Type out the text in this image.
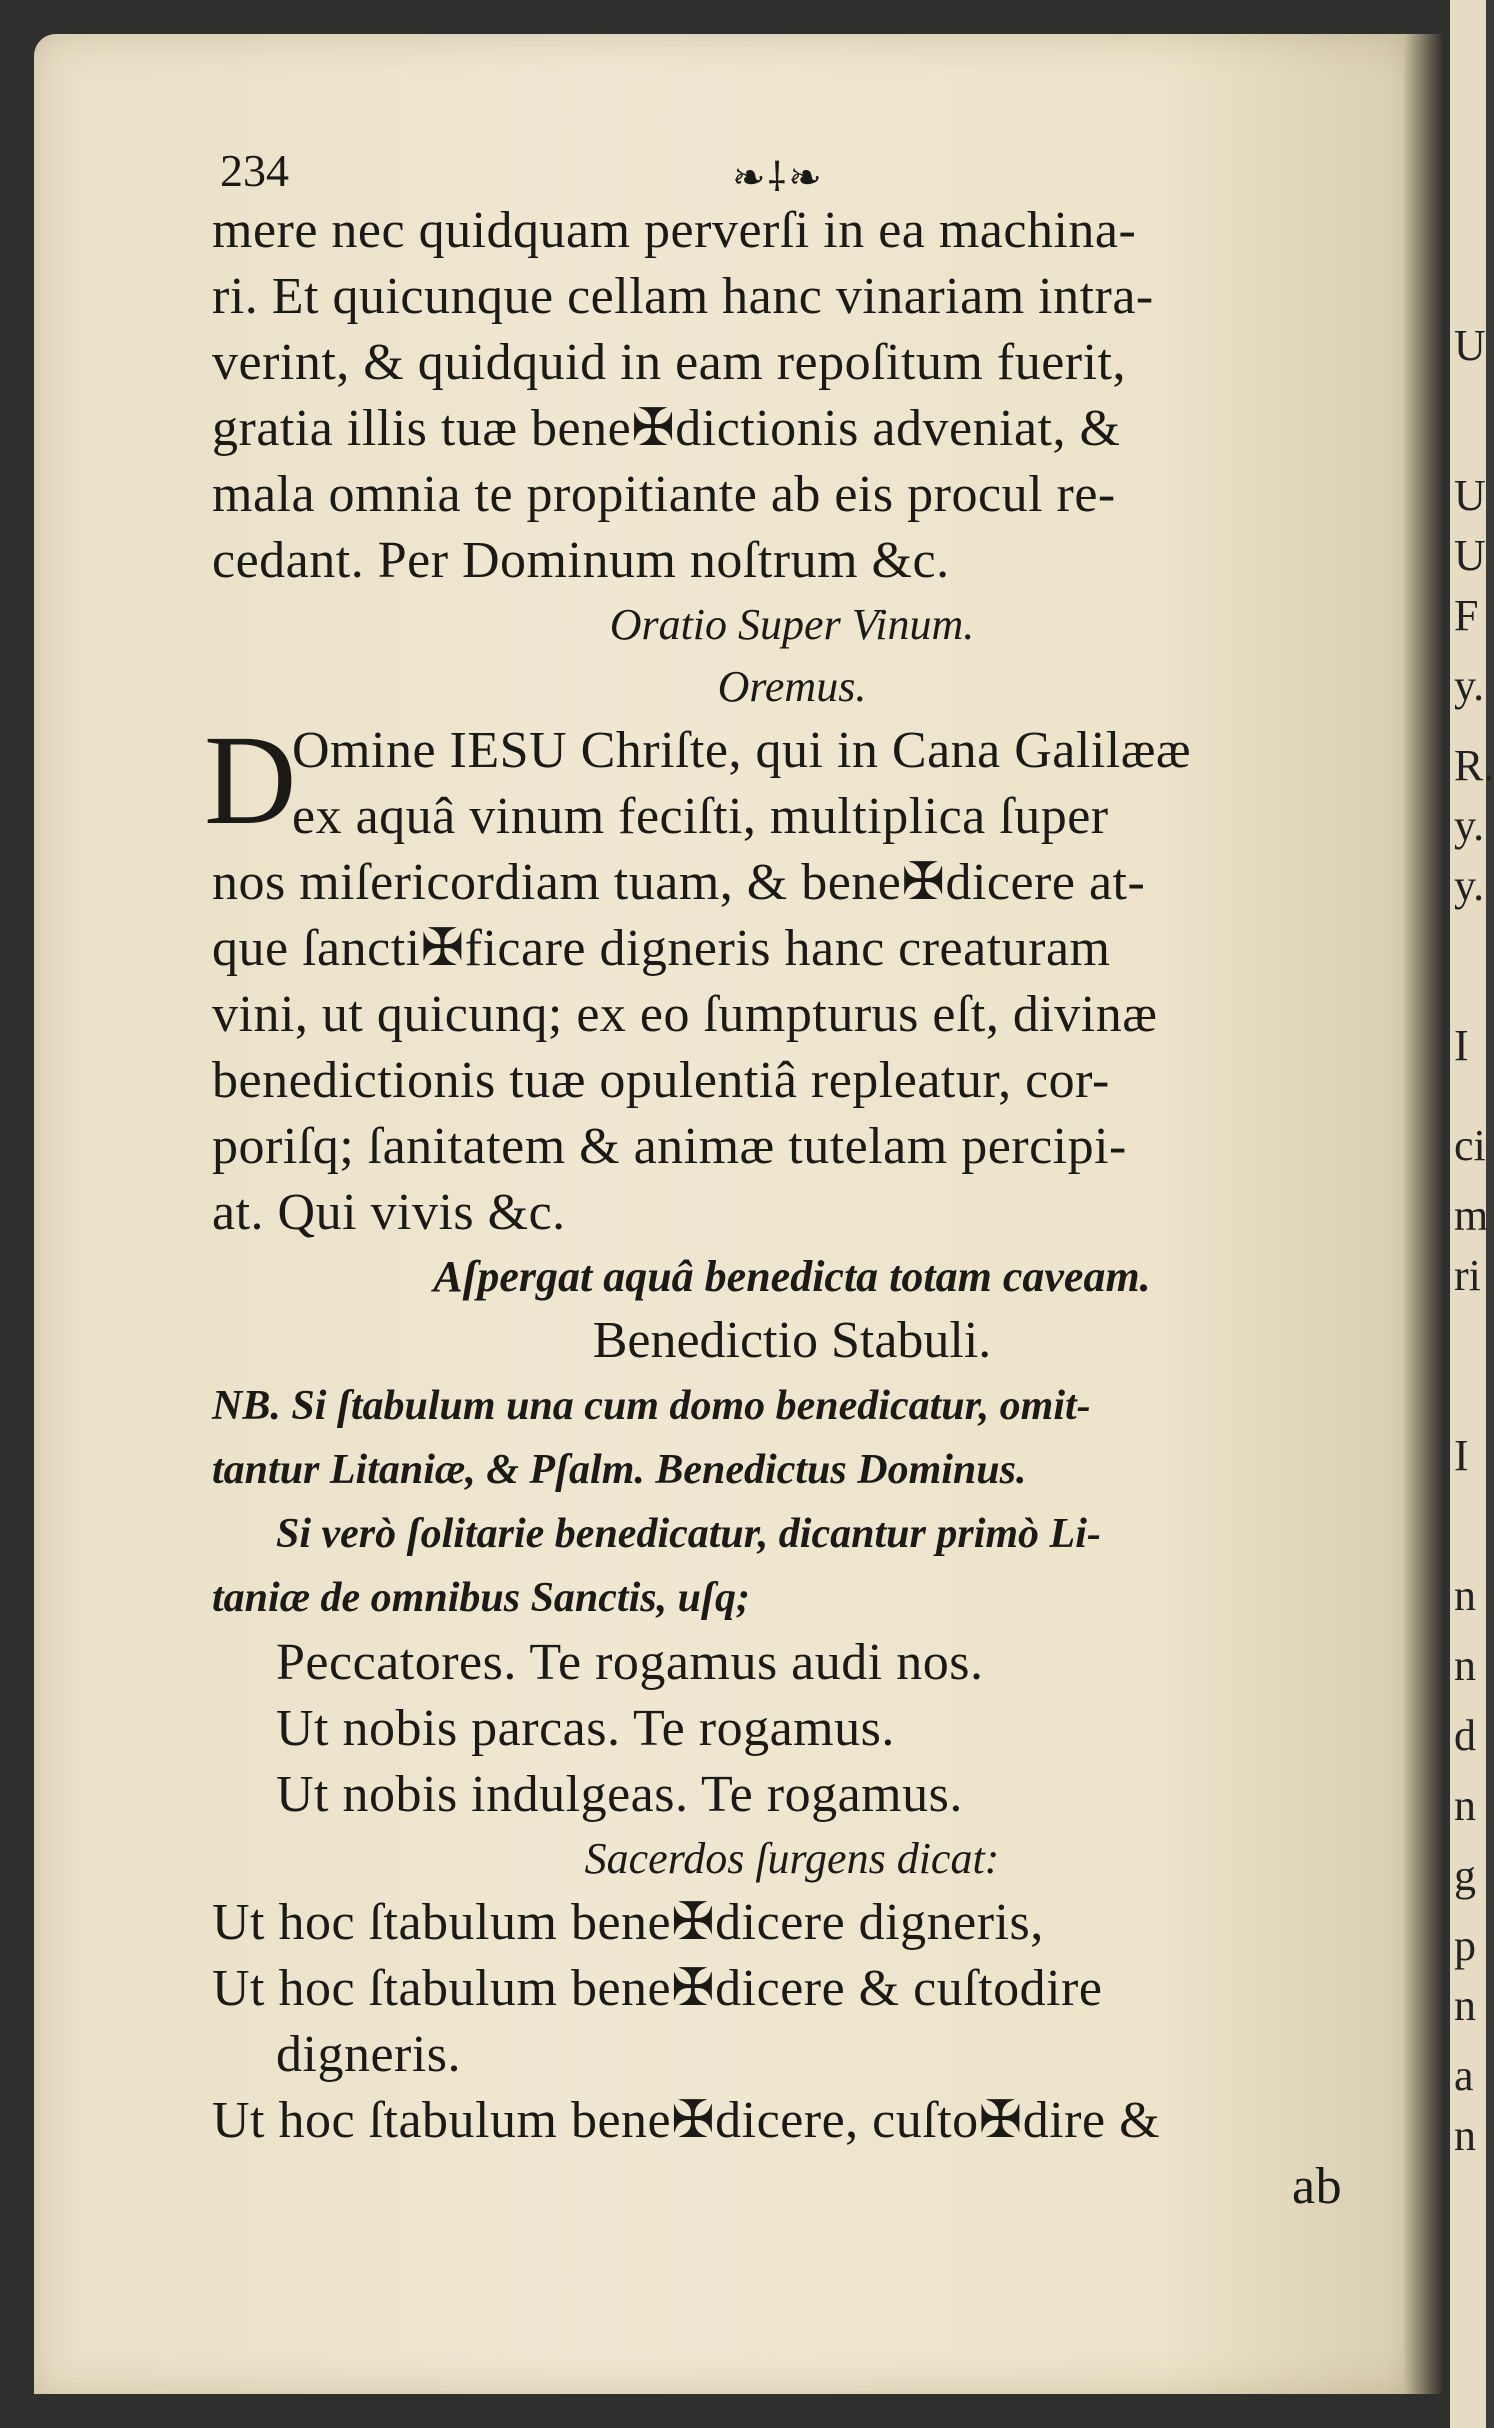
U
U
U
F
y.
R.
y.
y.
I
ci
m
ri
I
n
n
d
n
g
p
n
a
n
234	❧⸸❧
mere nec quidquam perverſi in ea machina-
ri. Et quicunque cellam hanc vinariam intra-
verint, & quidquid in eam repoſitum fuerit,
gratia illis tuæ bene✠dictionis adveniat, &
mala omnia te propitiante ab eis procul re-
cedant. Per Dominum noſtrum &c.
Oratio Super Vinum.
Oremus.
D
Omine IESU Chriſte, qui in Cana Galilææ
ex aquâ vinum feciſti, multiplica ſuper
nos miſericordiam tuam, & bene✠dicere at-
que ſancti✠ficare digneris hanc creaturam
vini, ut quicunq; ex eo ſumpturus eſt, divinæ
benedictionis tuæ opulentiâ repleatur, cor-
poriſq; ſanitatem & animæ tutelam percipi-
at. Qui vivis &c.
Aſpergat aquâ benedicta totam caveam.
Benedictio Stabuli.
NB. Si ſtabulum una cum domo benedicatur, omit-
tantur Litaniæ, & Pſalm. Benedictus Dominus.
Si verò ſolitarie benedicatur, dicantur primò Li-
taniæ de omnibus Sanctis, uſq;
Peccatores. Te rogamus audi nos.
Ut nobis parcas. Te rogamus.
Ut nobis indulgeas. Te rogamus.
Sacerdos ſurgens dicat:
Ut hoc ſtabulum bene✠dicere digneris,
Ut hoc ſtabulum bene✠dicere & cuſtodire
digneris.
Ut hoc ſtabulum bene✠dicere, cuſto✠dire &
ab
